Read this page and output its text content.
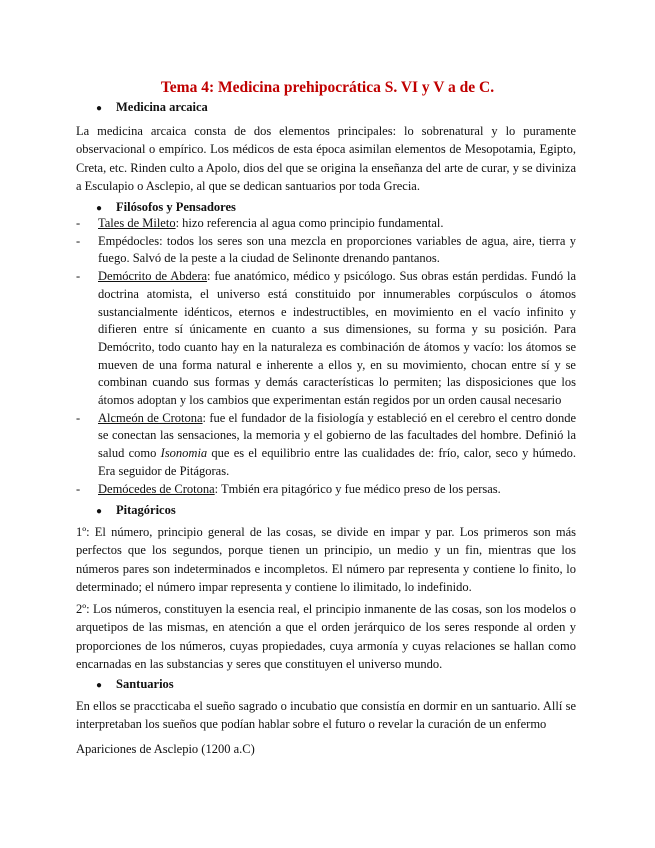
Tema 4: Medicina prehipocrática S. VI y V a de C.
● Medicina arcaica

La medicina arcaica consta de dos elementos principales: lo sobrenatural y lo puramente observacional o empírico. Los médicos de esta época asimilan elementos de Mesopotamia, Egipto, Creta, etc. Rinden culto a Apolo, dios del que se origina la enseñanza del arte de curar, y se diviniza a Esculapio o Asclepio, al que se dedican santuarios por toda Grecia.

● Filósofos y Pensadores
- Tales de Mileto: hizo referencia al agua como principio fundamental.
- Empédocles: todos los seres son una mezcla en proporciones variables de agua, aire, tierra y fuego. Salvó de la peste a la ciudad de Selinonte drenando pantanos.
- Demócrito de Abdera: fue anatómico, médico y psicólogo. Sus obras están perdidas. Fundó la doctrina atomista, el universo está constituido por innumerables corpúsculos o átomos sustancialmente idénticos, eternos e indestructibles, en movimiento en el vacío infinito y difieren entre sí únicamente en cuanto a sus dimensiones, su forma y su posición. Para Demócrito, todo cuanto hay en la naturaleza es combinación de átomos y vacío: los átomos se mueven de una forma natural e inherente a ellos y, en su movimiento, chocan entre sí y se combinan cuando sus formas y demás características lo permiten; las disposiciones que los átomos adoptan y los cambios que experimentan están regidos por un orden causal necesario
- Alcmeón de Crotona: fue el fundador de la fisiología y estableció en el cerebro el centro donde se conectan las sensaciones, la memoria y el gobierno de las facultades del hombre. Definió la salud como Isonomia que es el equilibrio entre las cualidades de: frío, calor, seco y húmedo. Era seguidor de Pitágoras.
- Demócedes de Crotona: Tmbién era pitagórico y fue médico preso de los persas.
● Pitagóricos

1º: El número, principio general de las cosas, se divide en impar y par. Los primeros son más perfectos que los segundos, porque tienen un principio, un medio y un fin, mientras que los números pares son indeterminados e incompletos. El número par representa y contiene lo finito, lo determinado; el número impar representa y contiene lo ilimitado, lo indefinido.

2º: Los números, constituyen la esencia real, el principio inmanente de las cosas, son los modelos o arquetipos de las mismas, en atención a que el orden jerárquico de los seres responde al orden y proporciones de los números, cuyas propiedades, cuya armonía y cuyas relaciones se hallan como encarnadas en las substancias y seres que constituyen el universo mundo.

● Santuarios

En ellos se praccticaba el sueño sagrado o incubatio que consistía en dormir en un santuario. Allí se interpretaban los sueños que podían hablar sobre el futuro o revelar la curación de un enfermo

Apariciones de Asclepio (1200 a.C)
